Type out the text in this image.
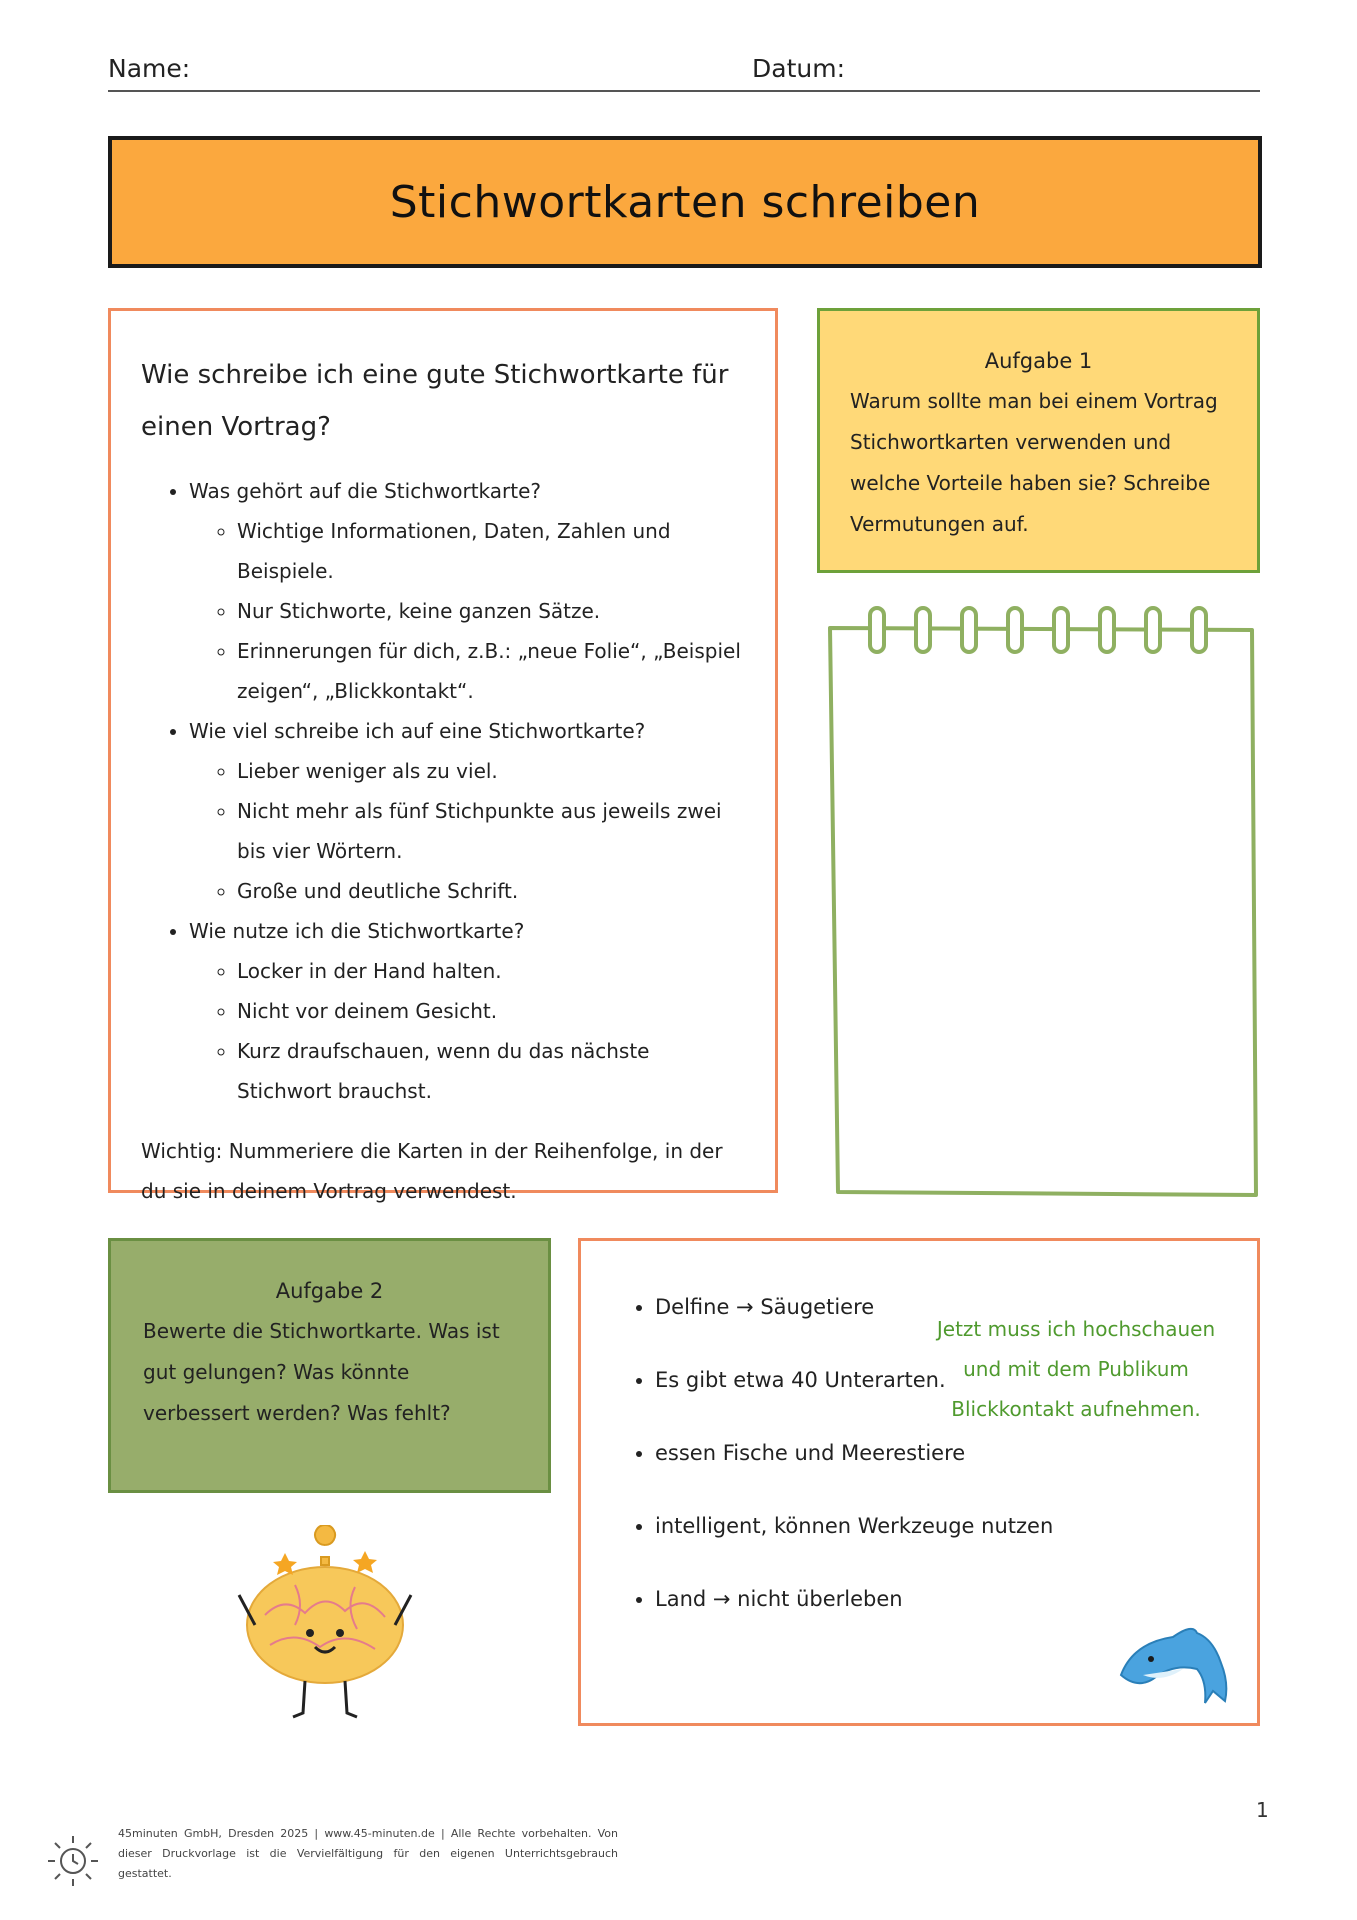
Name:	Datum:
Stichwortkarten schreiben
Wie schreibe ich eine gute Stichwortkarte für einen Vortrag?
• Was gehört auf die Stichwortkarte?
◦ Wichtige Informationen, Daten, Zahlen und Beispiele.
◦ Nur Stichworte, keine ganzen Sätze.
◦ Erinnerungen für dich, z.B.: „neue Folie“, „Beispiel zeigen“, „Blickkontakt“.
• Wie viel schreibe ich auf eine Stichwortkarte?
◦ Lieber weniger als zu viel.
◦ Nicht mehr als fünf Stichpunkte aus jeweils zwei bis vier Wörtern.
◦ Große und deutliche Schrift.
• Wie nutze ich die Stichwortkarte?
◦ Locker in der Hand halten.
◦ Nicht vor deinem Gesicht.
◦ Kurz draufschauen, wenn du das nächste Stichwort brauchst.

Wichtig: Nummeriere die Karten in der Reihenfolge, in der du sie in deinem Vortrag verwendest.

Aufgabe 1
Warum sollte man bei einem Vortrag Stichwortkarten verwenden und welche Vorteile haben sie? Schreibe Vermutungen auf.
Aufgabe 2
Bewerte die Stichwortkarte. Was ist gut gelungen? Was könnte verbessert werden? Was fehlt?
• Delfine → Säugetiere
• Es gibt etwa 40 Unterarten.
• essen Fische und Meerestiere
• intelligent, können Werkzeuge nutzen
• Land → nicht überleben
Jetzt muss ich hochschauen und mit dem Publikum Blickkontakt aufnehmen.
45minuten GmbH, Dresden 2025 | www.45-minuten.de | Alle Rechte vorbehalten. Von dieser Druckvorlage ist die Vervielfältigung für den eigenen Unterrichtsgebrauch gestattet.
1
